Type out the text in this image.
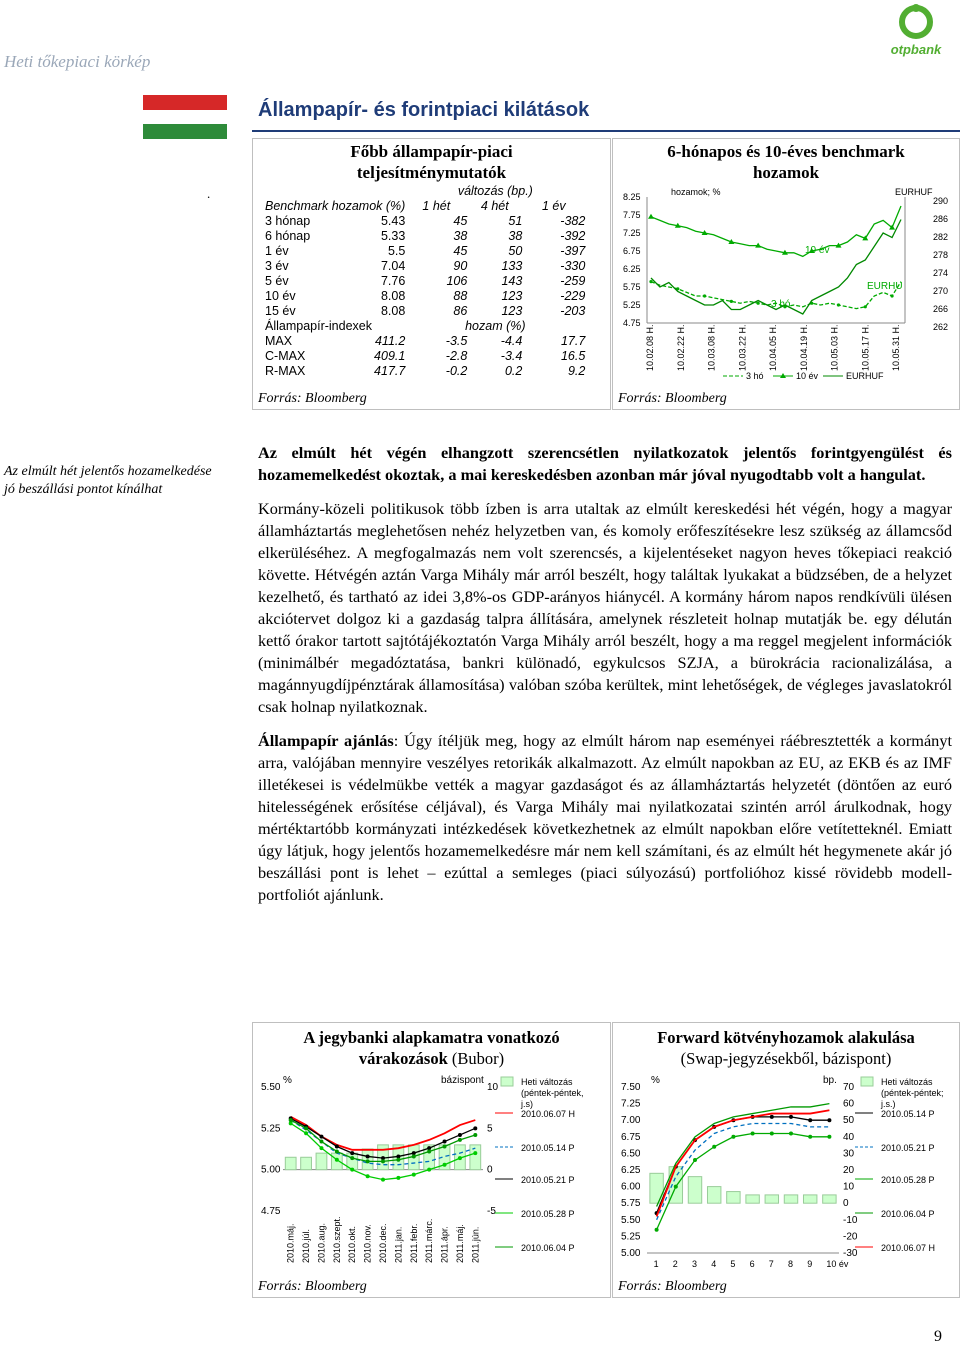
Heti tőkepiaci körkép
otpbank
Állampapír- és forintpiaci kilátások
.
Főbb állampapír-piaci
teljesítménymutatók
		változás (bp.)		
Benchmark hozamok (%)		1 hét	4 hét	1 év
3 hónap	5.43	45	51	-382
6 hónap	5.33	38	38	-392
1 év	5.5	45	50	-397
3 év	7.04	90	133	-330
5 év	7.76	106	143	-259
10 év	8.08	88	123	-229
15 év	8.08	86	123	-203
Állampapír-indexek		hozam (%)		
MAX	411.2	-3.5	-4.4	17.7
C-MAX	409.1	-2.8	-3.4	16.5
R-MAX	417.7	-0.2	0.2	9.2
Forrás: Bloomberg
6-hónapos és 10-éves benchmark
hozamok
hozamok; %	EURHUF
8.25
7.75
7.25
6.75
6.25
5.75
5.25
4.75
290
286
282
278
274
270
266
262
10.02.08 H. 10.02.22 H. 10.03.08 H. 10.03.22 H. 10.04.05 H. 10.04.19 H. 10.05.03 H. 10.05.17 H. 10.05.31 H.
10 év
3 hó
EURHU
3 hó	10 év	EURHUF
Forrás: Bloomberg
Az elmúlt hét jelentős hozamelkedése jó beszállási pontot kínálhat

Az elmúlt hét végén elhangzott szerencsétlen nyilatkozatok jelentős forintgyengülést és hozamemelkedést okoztak, a mai kereskedésben azonban már jóval nyugodtabb volt a hangulat.

Kormány-közeli politikusok több ízben is arra utaltak az elmúlt kereskedési hét végén, hogy a magyar államháztartás meglehetősen nehéz helyzetben van, és komoly erőfeszítésekre lesz szükség az államcsőd elkerüléséhez. A megfogalmazás nem volt szerencsés, a kijelentéseket nagyon heves tőkepiaci reakció követte. Hétvégén aztán Varga Mihály már arról beszélt, hogy találtak lyukakat a büdzsében, de a helyzet kezelhető, és tartható az idei 3,8%-os GDP-arányos hiánycél. A kormány három napos rendkívüli ülésen akciótervet dolgoz ki a gazdaság talpra állítására, amelynek részleteit holnap mutatják be. egy délután kettő órakor tartott sajtótájékoztatón Varga Mihály arról beszélt, hogy a ma reggel megjelent információk (minimálbér megadóztatása, bankri különadó, egykulcsos SZJA, a bürokrácia racionalizálása, a magánnyugdíjpénztárak államosítása) valóban szóba kerültek, mint lehetőségek, de végleges javaslatokról csak holnap nyilatkoznak.

Állampapír ajánlás: Úgy ítéljük meg, hogy az elmúlt három nap eseményei ráébresztették a kormányt arra, valójában mennyire veszélyes retorikák alkalmazott. Az elmúlt napokban az EU, az EKB és az IMF illetékesei is védelmükbe vették a magyar gazdaságot és az államháztartás helyzetét (döntően az euró hitelességének erősítése céljával), és Varga Mihály mai nyilatkozatai szintén arról árulkodnak, hogy mértéktartóbb kormányzati intézkedések következhetnek az elmúlt napokban előre vetítetteknél. Emiatt úgy látjuk, hogy jelentős hozamemelkedésre már nem kell számítani, és az elmúlt hét hegymenete akár jó beszállási pont is lehet – ezúttal a semleges (piaci súlyozású) portfolióhoz kissé rövidebb modell-portfoliót ajánlunk.

A jegybanki alapkamatra vonatkozó
várakozások (Bubor)
%	bázispont
5.50
5.25
5.00
4.75
10
5
0
-5
2010.máj. 2010.júl. 2010.aug. 2010.szept. 2010.okt. 2010.nov. 2010.dec. 2011.jan. 2011.febr. 2011.márc. 2011.ápr. 2011.máj. 2011.jún.
Heti változás
(péntek-péntek,
j.s)
2010.06.07 H
2010.05.14 P
2010.05.21 P
2010.05.28 P
2010.06.04 P
Forrás: Bloomberg
Forward kötvényhozamok alakulása
(Swap-jegyzésekből, bázispont)
%	bp.
7.50
7.25
7.00
6.75
6.50
6.25
6.00
5.75
5.50
5.25
5.00
70
60
50
40
30
20
10
0
-10
-20
-30
1 2 3 4 5 6 7 8 9 10 év
Heti változás
(péntek-péntek;
j.s.)
2010.05.14 P
2010.05.21 P
2010.05.28 P
2010.06.04 P
2010.06.07 H
Forrás: Bloomberg
9
